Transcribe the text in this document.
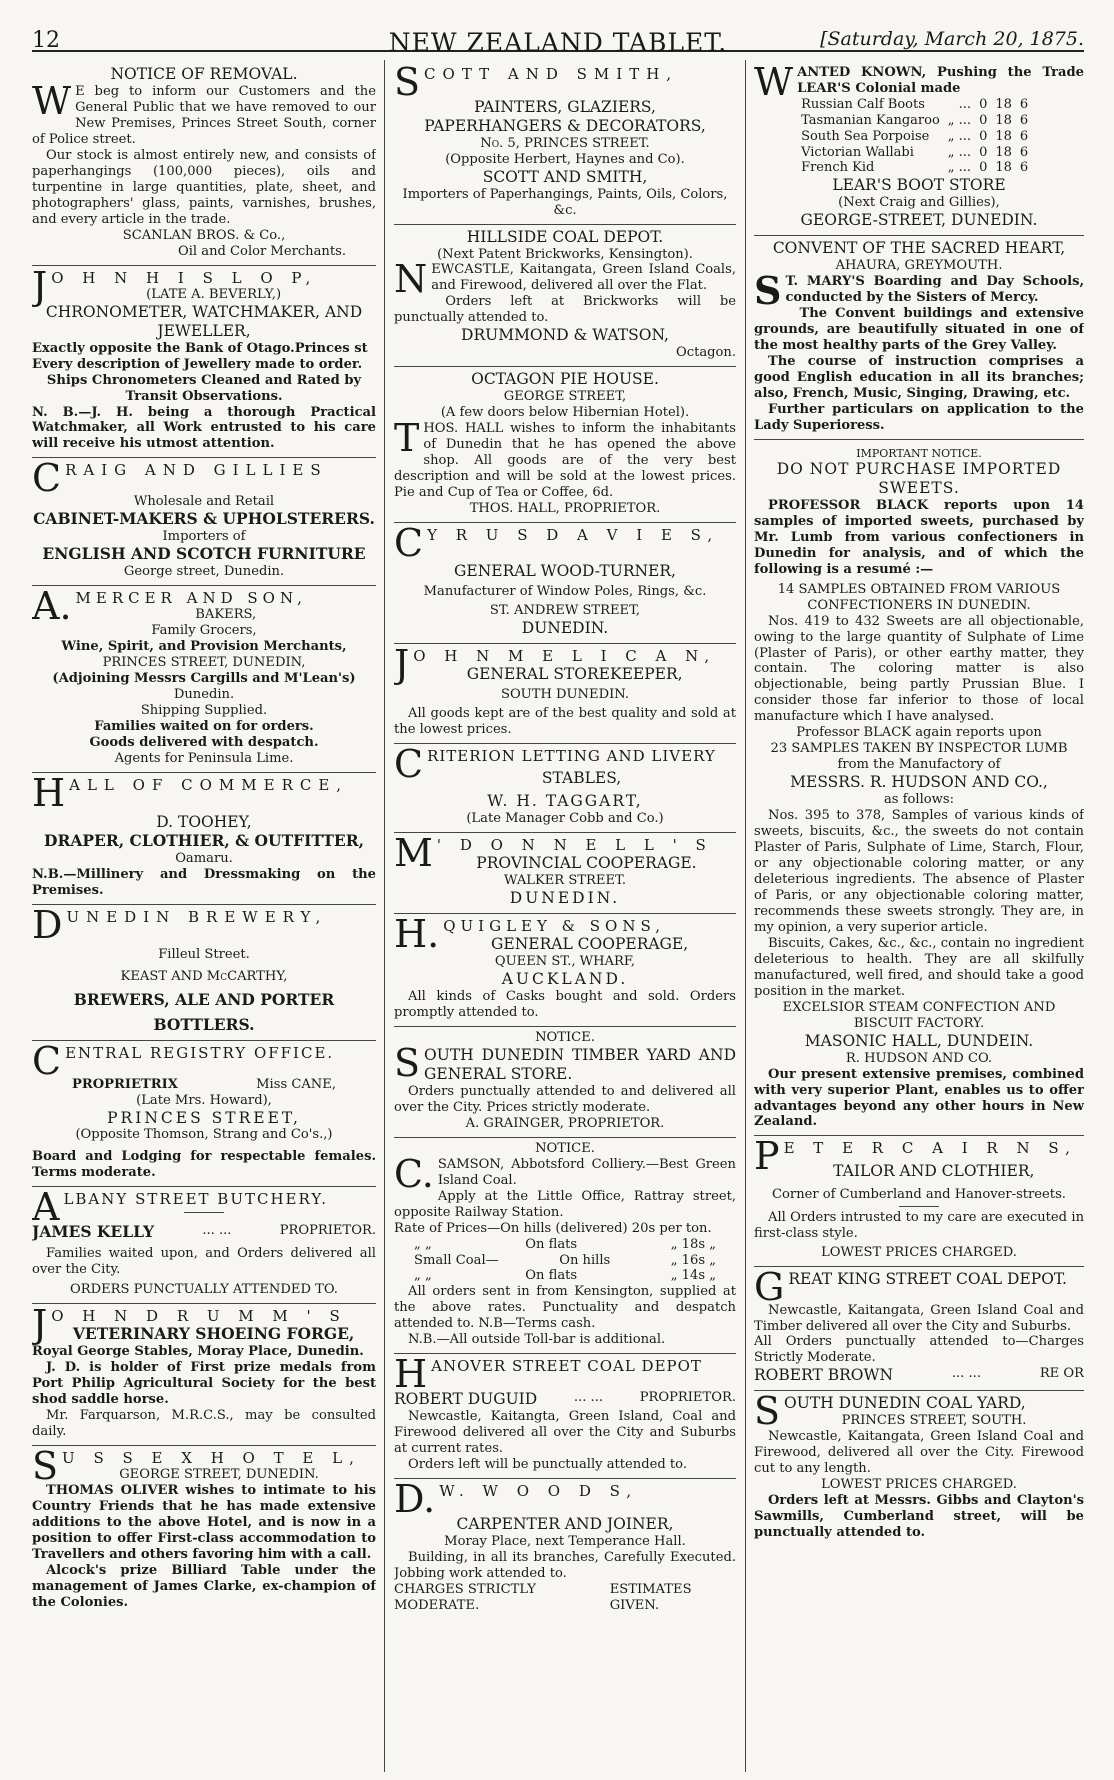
12	NEW ZEALAND TABLET.	[Saturday, March 20, 1875.
NOTICE OF REMOVAL.
W E beg to inform our Customers and the General Public that we have removed to our New Premises, Princes Street South, corner of Police street.
Our stock is almost entirely new, and consists of paperhangings (100,000 pieces), oils and turpentine in large quantities, plate, sheet, and photographers' glass, paints, varnishes, brushes, and every article in the trade.
SCANLAN BROS. & Co.,
Oil and Color Merchants.
J O H N H I S L O P,
(LATE A. BEVERLY,)
CHRONOMETER, WATCHMAKER, AND JEWELLER,
Exactly opposite the Bank of Otago.Princes st
Every description of Jewellery made to order.
Ships Chronometers Cleaned and Rated by Transit Observations.
N. B.—J. H. being a thorough Practical Watchmaker, all Work entrusted to his care will receive his utmost attention.
C RAIG AND GILLIES
Wholesale and Retail
CABINET-MAKERS & UPHOLSTERERS.
Importers of
ENGLISH AND SCOTCH FURNITURE
George street, Dunedin.
A. MERCER AND SON,
BAKERS,
Family Grocers,
Wine, Spirit, and Provision Merchants,
PRINCES STREET, DUNEDIN,
(Adjoining Messrs Cargills and M'Lean's)
Dunedin.
Shipping Supplied.
Families waited on for orders.
Goods delivered with despatch.
Agents for Peninsula Lime.
H ALL OF COMMERCE,
D. TOOHEY,
DRAPER, CLOTHIER, & OUTFITTER,
Oamaru.
N.B.—Millinery and Dressmaking on the Premises.
D UNEDIN BREWERY,
Filleul Street.
KEAST AND McCARTHY,
BREWERS, ALE AND PORTER
BOTTLERS.
C ENTRAL REGISTRY OFFICE.
PROPRIETRIX	Miss CANE,
(Late Mrs. Howard),
PRINCES STREET,
(Opposite Thomson, Strang and Co's.,)
Board and Lodging for respectable females. Terms moderate.
A LBANY STREET BUTCHERY.
JAMES KELLY	... ...	PROPRIETOR.
Families waited upon, and Orders delivered all over the City.
ORDERS PUNCTUALLY ATTENDED TO.
J O H N D R U M M ' S
VETERINARY SHOEING FORGE,
Royal George Stables, Moray Place, Dunedin.
J. D. is holder of First prize medals from Port Philip Agricultural Society for the best shod saddle horse.
Mr. Farquarson, M.R.C.S., may be consulted daily.
S U S S E X H O T E L,
GEORGE STREET, DUNEDIN.
THOMAS OLIVER wishes to intimate to his Country Friends that he has made extensive additions to the above Hotel, and is now in a position to offer First-class accommodation to Travellers and others favoring him with a call.
Alcock's prize Billiard Table under the management of James Clarke, ex-champion of the Colonies.
S COTT AND SMITH,
PAINTERS, GLAZIERS,
PAPERHANGERS & DECORATORS,
No. 5, PRINCES STREET.
(Opposite Herbert, Haynes and Co).
SCOTT AND SMITH,
Importers of Paperhangings, Paints, Oils, Colors, &c.
HILLSIDE COAL DEPOT.
(Next Patent Brickworks, Kensington).
NEWCASTLE, Kaitangata, Green Island Coals, and Firewood, delivered all over the Flat.
Orders left at Brickworks will be punctually attended to.
DRUMMOND & WATSON,
Octagon.
OCTAGON PIE HOUSE.
GEORGE STREET,
(A few doors below Hibernian Hotel).
THOS. HALL wishes to inform the inhabitants of Dunedin that he has opened the above shop. All goods are of the very best description and will be sold at the lowest prices. Pie and Cup of Tea or Coffee, 6d.
THOS. HALL, PROPRIETOR.
C Y R U S D A V I E S,
GENERAL WOOD-TURNER,
Manufacturer of Window Poles, Rings, &c.
ST. ANDREW STREET,
DUNEDIN.
J O H N M E L I C A N,
GENERAL STOREKEEPER,
SOUTH DUNEDIN.
All goods kept are of the best quality and sold at the lowest prices.
C RITERION LETTING AND LIVERY
STABLES,
W. H. TAGGART,
(Late Manager Cobb and Co.)
M ' D O N N E L L ' S
PROVINCIAL COOPERAGE.
WALKER STREET.
DUNEDIN.
H. QUIGLEY & SONS,
GENERAL COOPERAGE,
QUEEN ST., WHARF,
AUCKLAND.
All kinds of Casks bought and sold. Orders promptly attended to.
NOTICE.
SOUTH DUNEDIN TIMBER YARD AND GENERAL STORE.
Orders punctually attended to and delivered all over the City. Prices strictly moderate.
A. GRAINGER, PROPRIETOR.
NOTICE.
C. SAMSON, Abbotsford Colliery.—Best Green Island Coal.
Apply at the Little Office, Rattray street, opposite Railway Station.
Rate of Prices—On hills (delivered) 20s per ton.
„ „	On flats	„ 18s „
Small Coal—	On hills	„ 16s „
„ „	On flats	„ 14s „
All orders sent in from Kensington, supplied at the above rates. Punctuality and despatch attended to. N.B—Terms cash.
N.B.—All outside Toll-bar is additional.
H ANOVER STREET COAL DEPOT
ROBERT DUGUID	... ...	PROPRIETOR.
Newcastle, Kaitangta, Green Island, Coal and Firewood delivered all over the City and Suburbs at current rates.
Orders left will be punctually attended to.
D. W. W O O D S,
CARPENTER AND JOINER,
Moray Place, next Temperance Hall.
Building, in all its branches, Carefully Executed. Jobbing work attended to.
CHARGES STRICTLY MODERATE.
ESTIMATES GIVEN.
WANTED KNOWN, Pushing the Trade LEAR'S Colonial made
Russian Calf Boots	...	0	18	6
Tasmanian Kangaroo	„ ...	0	18	6
South Sea Porpoise	„ ...	0	18	6
Victorian Wallabi	„ ...	0	18	6
French Kid	„ ...	0	18	6
LEAR'S BOOT STORE
(Next Craig and Gillies),
GEORGE-STREET, DUNEDIN.
CONVENT OF THE SACRED HEART,
AHAURA, GREYMOUTH.
S T. MARY'S Boarding and Day Schools, conducted by the Sisters of Mercy.
The Convent buildings and extensive grounds, are beautifully situated in one of the most healthy parts of the Grey Valley.
The course of instruction comprises a good English education in all its branches; also, French, Music, Singing, Drawing, etc.
Further particulars on application to the Lady Superioress.
IMPORTANT NOTICE.
DO NOT PURCHASE IMPORTED SWEETS.
PROFESSOR BLACK reports upon 14 samples of imported sweets, purchased by Mr. Lumb from various confectioners in Dunedin for analysis, and of which the following is a resumé :—
14 SAMPLES OBTAINED FROM VARIOUS CONFECTIONERS IN DUNEDIN.
Nos. 419 to 432 Sweets are all objectionable, owing to the large quantity of Sulphate of Lime (Plaster of Paris), or other earthy matter, they contain. The coloring matter is also objectionable, being partly Prussian Blue. I consider those far inferior to those of local manufacture which I have analysed.
Professor BLACK again reports upon
23 SAMPLES TAKEN BY INSPECTOR LUMB
from the Manufactory of
MESSRS. R. HUDSON AND CO.,
as follows:
Nos. 395 to 378, Samples of various kinds of sweets, biscuits, &c., the sweets do not contain Plaster of Paris, Sulphate of Lime, Starch, Flour, or any objectionable coloring matter, or any deleterious ingredients. The absence of Plaster of Paris, or any objectionable coloring matter, recommends these sweets strongly. They are, in my opinion, a very superior article.
Biscuits, Cakes, &c., &c., contain no ingredient deleterious to health. They are all skilfully manufactured, well fired, and should take a good position in the market.
EXCELSIOR STEAM CONFECTION AND BISCUIT FACTORY.
MASONIC HALL, DUNDEIN.
R. HUDSON AND CO.
Our present extensive premises, combined with very superior Plant, enables us to offer advantages beyond any other hours in New Zealand.
P E T E R C A I R N S,
TAILOR AND CLOTHIER,
Corner of Cumberland and Hanover-streets.
All Orders intrusted to my care are executed in first-class style.
LOWEST PRICES CHARGED.
G REAT KING STREET COAL DEPOT.
Newcastle, Kaitangata, Green Island Coal and Timber delivered all over the City and Suburbs.
All Orders punctually attended to—Charges Strictly Moderate.
ROBERT BROWN	... ...	RE OR
S OUTH DUNEDIN COAL YARD,
PRINCES STREET, SOUTH.
Newcastle, Kaitangata, Green Island Coal and Firewood, delivered all over the City. Firewood cut to any length.
LOWEST PRICES CHARGED.
Orders left at Messrs. Gibbs and Clayton's Sawmills, Cumberland street, will be punctually attended to.
